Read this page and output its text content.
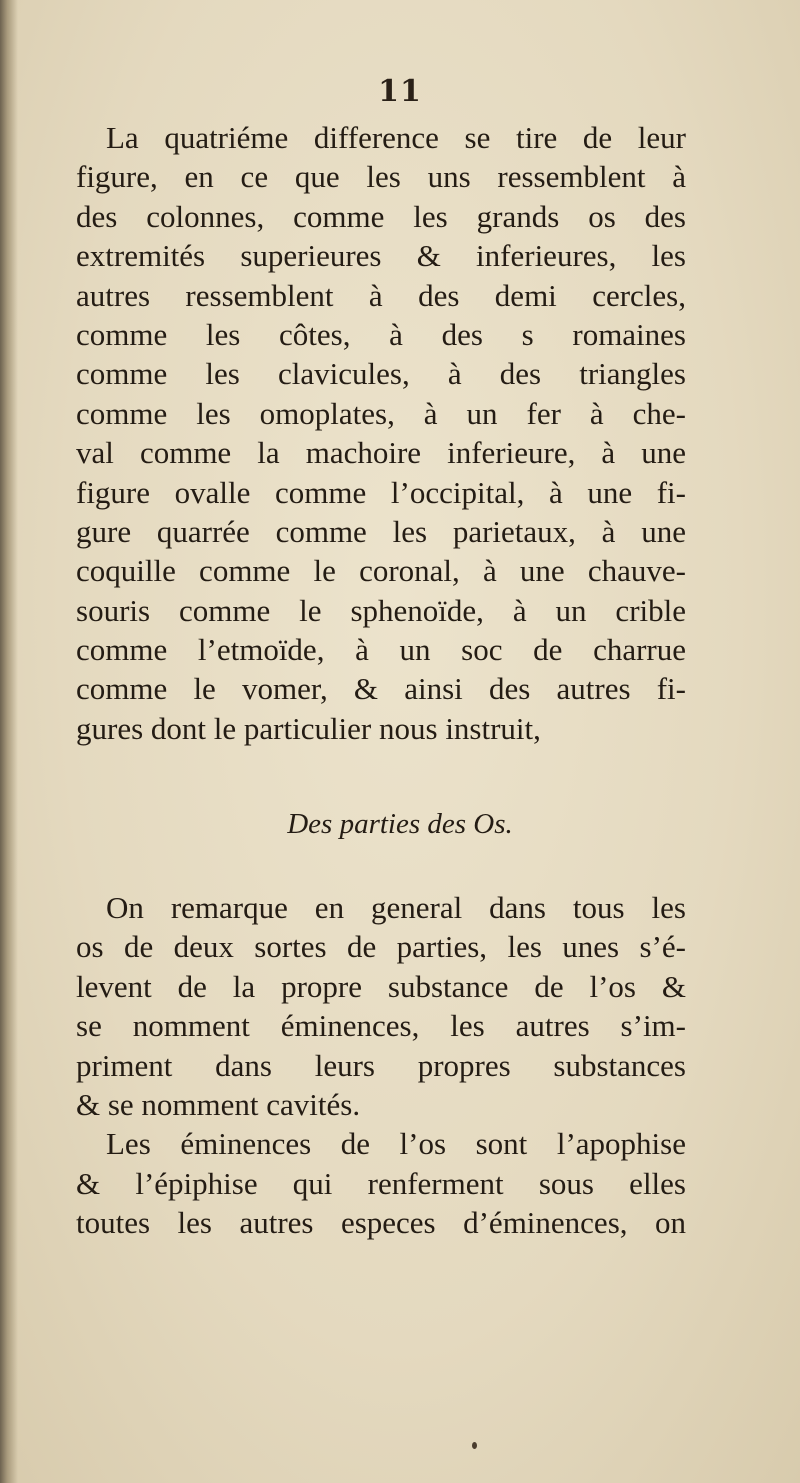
11
La quatriéme difference se tire de leur
figure, en ce que les uns ressemblent à
des colonnes, comme les grands os des
extremités superieures & inferieures, les
autres ressemblent à des demi cercles,
comme les côtes, à des s romaines
comme les clavicules, à des triangles
comme les omoplates, à un fer à che-
val comme la machoire inferieure, à une
figure ovalle comme l’occipital, à une fi-
gure quarrée comme les parietaux, à une
coquille comme le coronal, à une chauve-
souris comme le sphenoïde, à un crible
comme l’etmoïde, à un soc de charrue
comme le vomer, & ainsi des autres fi-
gures dont le particulier nous instruit,
Des parties des Os.
On remarque en general dans tous les
os de deux sortes de parties, les unes s’é-
levent de la propre substance de l’os &
se nomment éminences, les autres s’im-
priment dans leurs propres substances
& se nomment cavités.
Les éminences de l’os sont l’apophise
& l’épiphise qui renferment sous elles
toutes les autres especes d’éminences, on
